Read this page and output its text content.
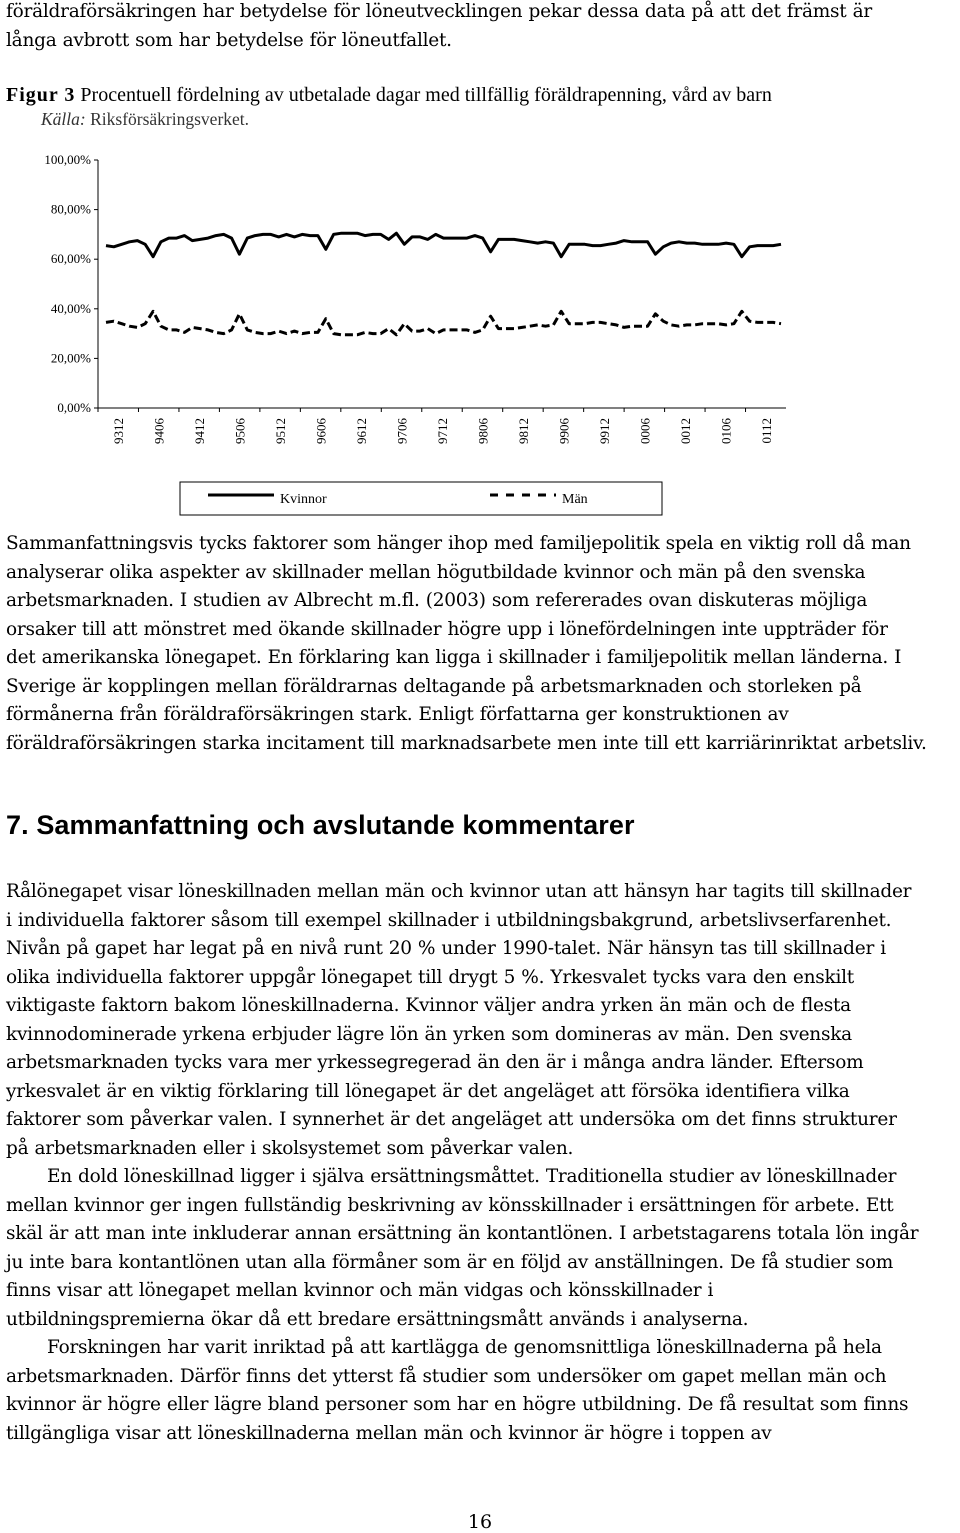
föräldraförsäkringen har betydelse för löneutvecklingen pekar dessa data på att det främst är
långa avbrott som har betydelse för löneutfallet.
Figur 3 Procentuell fördelning av utbetalade dagar med tillfällig föräldrapenning, vård av barn
Källa: Riksförsäkringsverket.
100,00%
80,00%
60,00%
40,00%
20,00%
0,00%
9312 9406 9412 9506 9512 9606 9612 9706 9712 9806 9812 9906 9912 0006 0012 0106 0112
Kvinnor	Män
Sammanfattningsvis tycks faktorer som hänger ihop med familjepolitik spela en viktig roll då man
analyserar olika aspekter av skillnader mellan högutbildade kvinnor och män på den svenska
arbetsmarknaden. I studien av Albrecht m.fl. (2003) som refererades ovan diskuteras möjliga
orsaker till att mönstret med ökande skillnader högre upp i lönefördelningen inte uppträder för
det amerikanska lönegapet. En förklaring kan ligga i skillnader i familjepolitik mellan länderna. I
Sverige är kopplingen mellan föräldrarnas deltagande på arbetsmarknaden och storleken på
förmånerna från föräldraförsäkringen stark. Enligt författarna ger konstruktionen av
föräldraförsäkringen starka incitament till marknadsarbete men inte till ett karriärinriktat arbetsliv.
7. Sammanfattning och avslutande kommentarer
Rålönegapet visar löneskillnaden mellan män och kvinnor utan att hänsyn har tagits till skillnader
i individuella faktorer såsom till exempel skillnader i utbildningsbakgrund, arbetslivserfarenhet.
Nivån på gapet har legat på en nivå runt 20 % under 1990-talet. När hänsyn tas till skillnader i
olika individuella faktorer uppgår lönegapet till drygt 5 %. Yrkesvalet tycks vara den enskilt
viktigaste faktorn bakom löneskillnaderna. Kvinnor väljer andra yrken än män och de flesta
kvinnodominerade yrkena erbjuder lägre lön än yrken som domineras av män. Den svenska
arbetsmarknaden tycks vara mer yrkessegregerad än den är i många andra länder. Eftersom
yrkesvalet är en viktig förklaring till lönegapet är det angeläget att försöka identifiera vilka
faktorer som påverkar valen. I synnerhet är det angeläget att undersöka om det finns strukturer
på arbetsmarknaden eller i skolsystemet som påverkar valen.
En dold löneskillnad ligger i själva ersättningsmåttet. Traditionella studier av löneskillnader
mellan kvinnor ger ingen fullständig beskrivning av könsskillnader i ersättningen för arbete. Ett
skäl är att man inte inkluderar annan ersättning än kontantlönen. I arbetstagarens totala lön ingår
ju inte bara kontantlönen utan alla förmåner som är en följd av anställningen. De få studier som
finns visar att lönegapet mellan kvinnor och män vidgas och könsskillnader i
utbildningspremierna ökar då ett bredare ersättningsmått används i analyserna.
Forskningen har varit inriktad på att kartlägga de genomsnittliga löneskillnaderna på hela
arbetsmarknaden. Därför finns det ytterst få studier som undersöker om gapet mellan män och
kvinnor är högre eller lägre bland personer som har en högre utbildning. De få resultat som finns
tillgängliga visar att löneskillnaderna mellan män och kvinnor är högre i toppen av
16
